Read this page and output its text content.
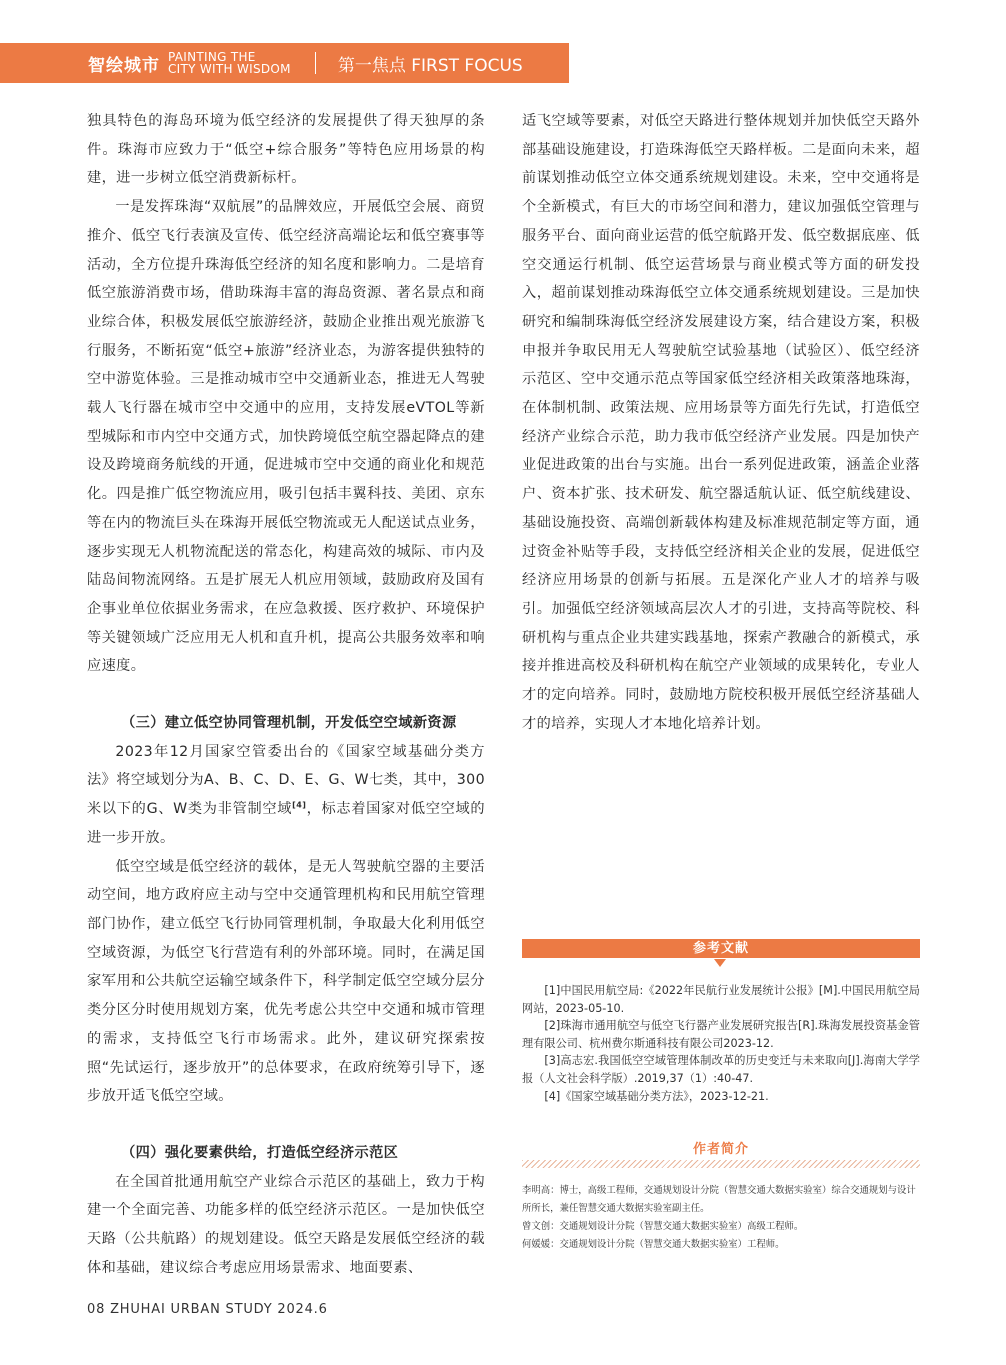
智绘城市 PAINTING THE
CITY WITH WISDOM	第一焦点 FIRST FOCUS

独具特色的海岛环境为低空经济的发展提供了得天独厚的条件。珠海市应致力于“低空+综合服务”等特色应用场景的构建，进一步树立低空消费新标杆。

一是发挥珠海“双航展”的品牌效应，开展低空会展、商贸推介、低空飞行表演及宣传、低空经济高端论坛和低空赛事等活动，全方位提升珠海低空经济的知名度和影响力。二是培育低空旅游消费市场，借助珠海丰富的海岛资源、著名景点和商业综合体，积极发展低空旅游经济，鼓励企业推出观光旅游飞行服务，不断拓宽“低空+旅游”经济业态，为游客提供独特的空中游览体验。三是推动城市空中交通新业态，推进无人驾驶载人飞行器在城市空中交通中的应用，支持发展eVTOL等新型城际和市内空中交通方式，加快跨境低空航空器起降点的建设及跨境商务航线的开通，促进城市空中交通的商业化和规范化。四是推广低空物流应用，吸引包括丰翼科技、美团、京东等在内的物流巨头在珠海开展低空物流或无人配送试点业务，逐步实现无人机物流配送的常态化，构建高效的城际、市内及陆岛间物流网络。五是扩展无人机应用领域，鼓励政府及国有企事业单位依据业务需求，在应急救援、医疗救护、环境保护等关键领域广泛应用无人机和直升机，提高公共服务效率和响应速度。

（三）建立低空协同管理机制，开发低空空域新资源

2023年12月国家空管委出台的《国家空域基础分类方法》将空域划分为A、B、C、D、E、G、W七类，其中，300米以下的G、W类为非管制空域[4]，标志着国家对低空空域的进一步开放。

低空空域是低空经济的载体，是无人驾驶航空器的主要活动空间，地方政府应主动与空中交通管理机构和民用航空管理部门协作，建立低空飞行协同管理机制，争取最大化利用低空空域资源，为低空飞行营造有利的外部环境。同时，在满足国家军用和公共航空运输空域条件下，科学制定低空空域分层分类分区分时使用规划方案，优先考虑公共空中交通和城市管理的需求，支持低空飞行市场需求。此外，建议研究探索按照“先试运行，逐步放开”的总体要求，在政府统筹引导下，逐步放开适飞低空空域。

（四）强化要素供给，打造低空经济示范区

在全国首批通用航空产业综合示范区的基础上，致力于构建一个全面完善、功能多样的低空经济示范区。一是加快低空天路（公共航路）的规划建设。低空天路是发展低空经济的载体和基础，建议综合考虑应用场景需求、地面要素、

适飞空域等要素，对低空天路进行整体规划并加快低空天路外部基础设施建设，打造珠海低空天路样板。二是面向未来，超前谋划推动低空立体交通系统规划建设。未来，空中交通将是个全新模式，有巨大的市场空间和潜力，建议加强低空管理与服务平台、面向商业运营的低空航路开发、低空数据底座、低空交通运行机制、低空运营场景与商业模式等方面的研发投入，超前谋划推动珠海低空立体交通系统规划建设。三是加快研究和编制珠海低空经济发展建设方案，结合建设方案，积极申报并争取民用无人驾驶航空试验基地（试验区）、低空经济示范区、空中交通示范点等国家低空经济相关政策落地珠海，在体制机制、政策法规、应用场景等方面先行先试，打造低空经济产业综合示范，助力我市低空经济产业发展。四是加快产业促进政策的出台与实施。出台一系列促进政策，涵盖企业落户、资本扩张、技术研发、航空器适航认证、低空航线建设、基础设施投资、高端创新载体构建及标准规范制定等方面，通过资金补贴等手段，支持低空经济相关企业的发展，促进低空经济应用场景的创新与拓展。五是深化产业人才的培养与吸引。加强低空经济领域高层次人才的引进，支持高等院校、科研机构与重点企业共建实践基地，探索产教融合的新模式，承接并推进高校及科研机构在航空产业领域的成果转化，专业人才的定向培养。同时，鼓励地方院校积极开展低空经济基础人才的培养，实现人才本地化培养计划。

参考文献

[1]中国民用航空局:《2022年民航行业发展统计公报》[M].中国民用航空局网站，2023-05-10.

[2]珠海市通用航空与低空飞行器产业发展研究报告[R].珠海发展投资基金管理有限公司、杭州费尔斯通科技有限公司2023-12.

[3]高志宏.我国低空空域管理体制改革的历史变迁与未来取向[J].海南大学学报（人文社会科学版）.2019,37（1）:40-47.

[4]《国家空域基础分类方法》，2023-12-21.

作者简介

李明高：博士，高级工程师，交通规划设计分院（智慧交通大数据实验室）综合交通规划与设计所所长，兼任智慧交通大数据实验室副主任。

曾文创：交通规划设计分院（智慧交通大数据实验室）高级工程师。

何媛媛：交通规划设计分院（智慧交通大数据实验室）工程师。

08 ZHUHAI URBAN STUDY 2024.6
